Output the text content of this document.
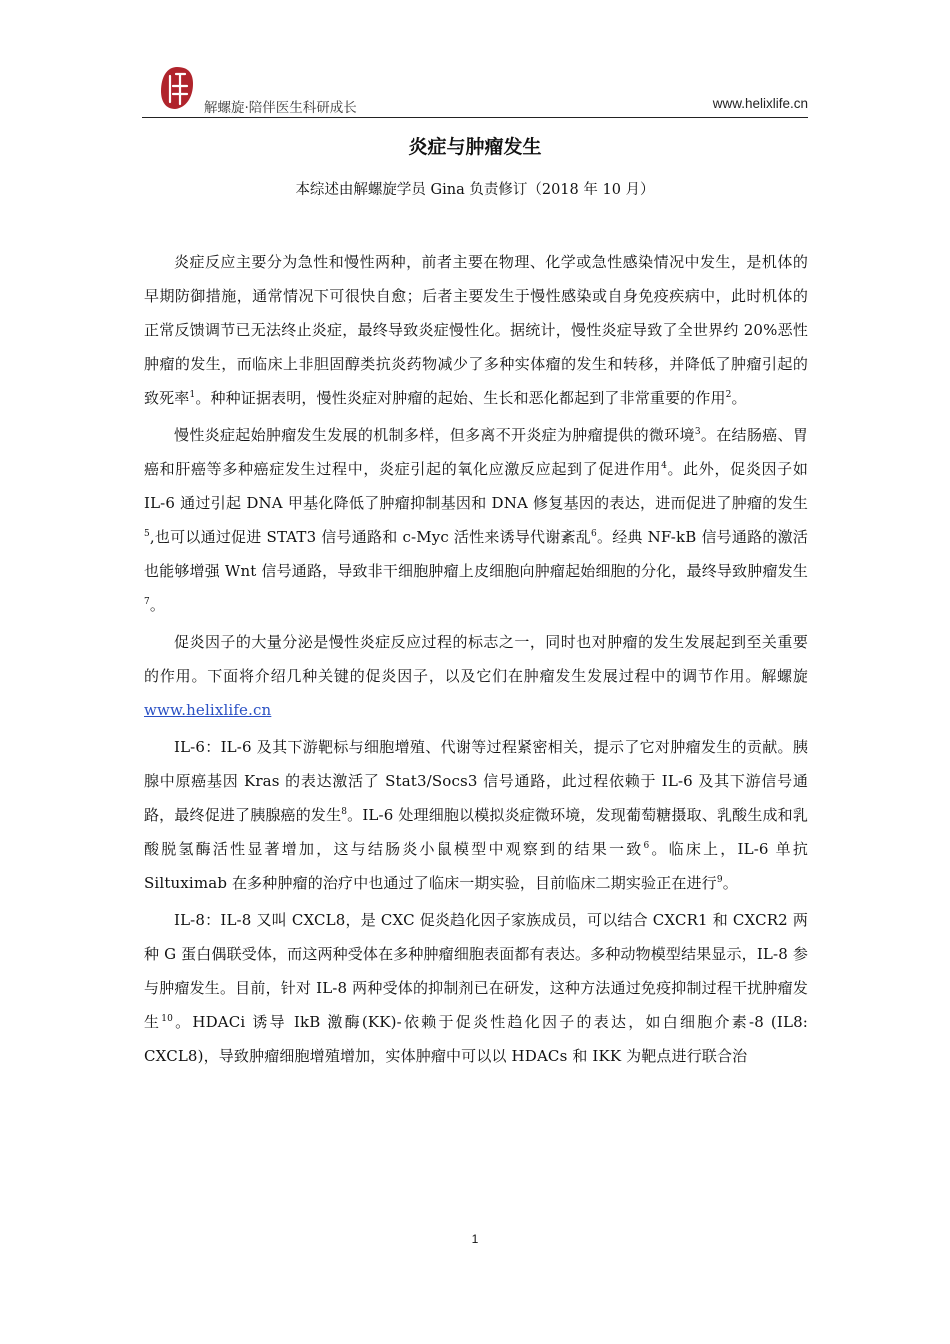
解螺旋·陪伴医生科研成长	www.helixlife.cn
炎症与肿瘤发生
本综述由解螺旋学员 Gina 负责修订（2018 年 10 月）

炎症反应主要分为急性和慢性两种，前者主要在物理、化学或急性感染情况中发生，是机体的早期防御措施，通常情况下可很快自愈；后者主要发生于慢性感染或自身免疫疾病中，此时机体的正常反馈调节已无法终止炎症，最终导致炎症慢性化。据统计，慢性炎症导致了全世界约 20%恶性肿瘤的发生，而临床上非胆固醇类抗炎药物减少了多种实体瘤的发生和转移，并降低了肿瘤引起的致死率$^1$。种种证据表明，慢性炎症对肿瘤的起始、生长和恶化都起到了非常重要的作用$^2$。

慢性炎症起始肿瘤发生发展的机制多样，但多离不开炎症为肿瘤提供的微环境$^3$。在结肠癌、胃癌和肝癌等多种癌症发生过程中，炎症引起的氧化应激反应起到了促进作用$^4$。此外，促炎因子如 IL-6 通过引起 DNA 甲基化降低了肿瘤抑制基因和 DNA 修复基因的表达，进而促进了肿瘤的发生$^5$,也可以通过促进 STAT3 信号通路和 c-Myc 活性来诱导代谢紊乱$^6$。经典 NF-kB 信号通路的激活也能够增强 Wnt 信号通路，导致非干细胞肿瘤上皮细胞向肿瘤起始细胞的分化，最终导致肿瘤发生$^7$。

促炎因子的大量分泌是慢性炎症反应过程的标志之一，同时也对肿瘤的发生发展起到至关重要的作用。下面将介绍几种关键的促炎因子，以及它们在肿瘤发生发展过程中的调节作用。解螺旋 www.helixlife.cn

IL-6：IL-6 及其下游靶标与细胞增殖、代谢等过程紧密相关，提示了它对肿瘤发生的贡献。胰腺中原癌基因 Kras 的表达激活了 Stat3/Socs3 信号通路，此过程依赖于 IL-6 及其下游信号通路，最终促进了胰腺癌的发生$^8$。IL-6 处理细胞以模拟炎症微环境，发现葡萄糖摄取、乳酸生成和乳酸脱氢酶活性显著增加，这与结肠炎小鼠模型中观察到的结果一致$^6$。临床上，IL-6 单抗 Siltuximab 在多种肿瘤的治疗中也通过了临床一期实验，目前临床二期实验正在进行$^9$。

IL-8：IL-8 又叫 CXCL8，是 CXC 促炎趋化因子家族成员，可以结合 CXCR1 和 CXCR2 两种 G 蛋白偶联受体，而这两种受体在多种肿瘤细胞表面都有表达。多种动物模型结果显示，IL-8 参与肿瘤发生。目前，针对 IL-8 两种受体的抑制剂已在研发，这种方法通过免疫抑制过程干扰肿瘤发生$^{10}$。HDACi 诱导 IkB 激酶(KK)-依赖于促炎性趋化因子的表达，如白细胞介素-8 (IL8: CXCL8)，导致肿瘤细胞增殖增加，实体肿瘤中可以以 HDACs 和 IKK 为靶点进行联合治

1
